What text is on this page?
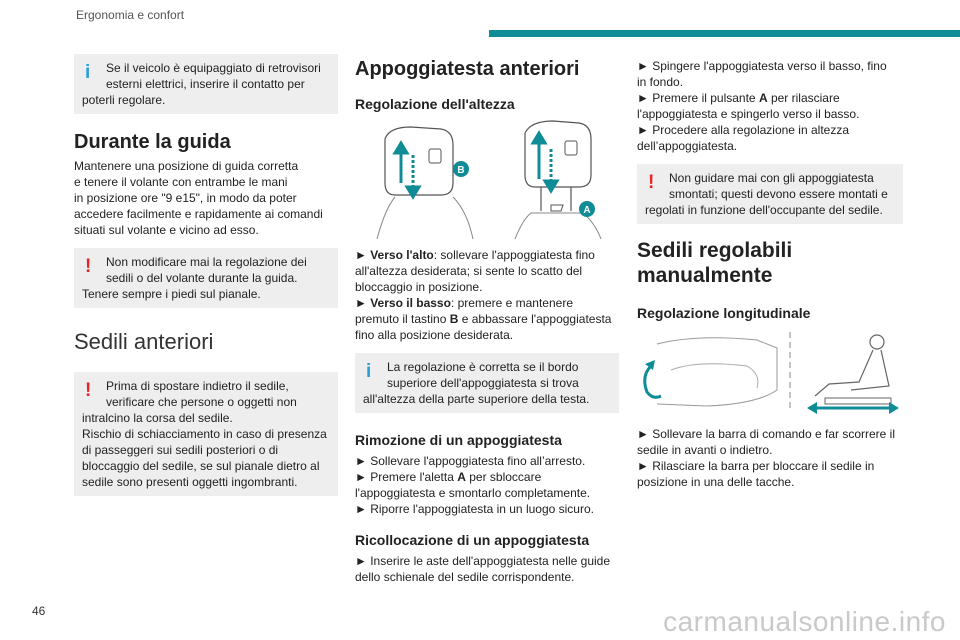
Ergonomia e confort
i	Se il veicolo è equipaggiato di retrovisori
esterni elettrici, inserire il contatto per
poterli regolare.
Durante la guida

Mantenere una posizione di guida corretta

e tenere il volante con entrambe le mani

in posizione ore "9 e15", in modo da poter

accedere facilmente e rapidamente ai comandi

situati sul volante e vicino ad esso.

!	Non modificare mai la regolazione dei
sedili o del volante durante la guida.
Tenere sempre i piedi sul pianale.
Sedili anteriori
!	Prima di spostare indietro il sedile,
verificare che persone o oggetti non
intralcino la corsa del sedile.
Rischio di schiacciamento in caso di presenza
di passeggeri sui sedili posteriori o di
bloccaggio del sedile, se sul pianale dietro al
sedile sono presenti oggetti ingombranti.
Appoggiatesta anteriori
Regolazione dell'altezza
B
A

► Verso l'alto: sollevare l'appoggiatesta fino

all'altezza desiderata; si sente lo scatto del

bloccaggio in posizione.

► Verso il basso: premere e mantenere

premuto il tastino B e abbassare l'appoggiatesta

fino alla posizione desiderata.

i	La regolazione è corretta se il bordo
superiore dell'appoggiatesta si trova
all'altezza della parte superiore della testa.
Rimozione di un appoggiatesta

► Sollevare l'appoggiatesta fino all’arresto.

► Premere l'aletta A per sbloccare

l'appoggiatesta e smontarlo completamente.

► Riporre l'appoggiatesta in un luogo sicuro.

Ricollocazione di un appoggiatesta

► Inserire le aste dell'appoggiatesta nelle guide

dello schienale del sedile corrispondente.

► Spingere l'appoggiatesta verso il basso, fino

in fondo.

► Premere il pulsante A per rilasciare

l'appoggiatesta e spingerlo verso il basso.

► Procedere alla regolazione in altezza

dell’appoggiatesta.

!	Non guidare mai con gli appoggiatesta
smontati; questi devono essere montati e
regolati in funzione dell'occupante del sedile.
Sedili regolabili
manualmente
Regolazione longitudinale

► Sollevare la barra di comando e far scorrere il

sedile in avanti o indietro.

► Rilasciare la barra per bloccare il sedile in

posizione in una delle tacche.

46	carmanualsonline.info
